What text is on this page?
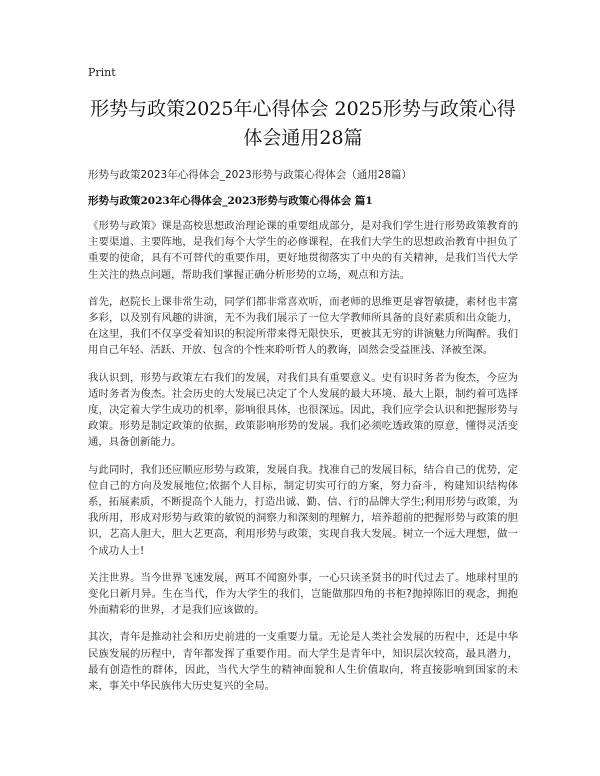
Print
形势与政策2025年心得体会 2025形势与政策心得体会通用28篇

形势与政策2023年心得体会_2023形势与政策心得体会（通用28篇）

形势与政策2023年心得体会_2023形势与政策心得体会 篇1

《形势与政策》课是高校思想政治理论课的重要组成部分，是对我们学生进行形势政策教育的主要渠道、主要阵地，是我们每个大学生的必修课程，在我们大学生的思想政治教育中担负了重要的使命，具有不可替代的重要作用，更好地贯彻落实了中央的有关精神，是我们当代大学生关注的热点问题，帮助我们掌握正确分析形势的立场，观点和方法。

首先，赵院长上课非常生动，同学们都非常喜欢听，而老师的思维更是睿智敏捷，素材也丰富多彩，以及别有风趣的讲演，无不为我们展示了一位大学教师所具备的良好素质和出众能力，在这里，我们不仅享受着知识的积淀所带来得无限快乐，更被其无穷的讲演魅力所陶醉。我们用自己年轻、活跃、开放、包含的个性来聆听哲人的教诲，固然会受益匪浅、泽被至深。

我认识到，形势与政策左右我们的发展，对我们具有重要意义。史有识时务者为俊杰，今应为适时务者为俊杰。社会历史的大发展已决定了个人发展的最大环境、最大上限，制约着可选择度，决定着大学生成功的机率，影响很具体，也很深远。因此，我们应学会认识和把握形势与政策。形势是制定政策的依据，政策影响形势的发展。我们必须吃透政策的原意，懂得灵活变通，具备创新能力。

与此同时，我们还应顺应形势与政策，发展自我。找准自己的发展目标，结合自己的优势，定位自己的方向及发展地位;依据个人目标，制定切实可行的方案，努力奋斗，构建知识结构体系，拓展素质，不断提高个人能力，打造出诚、勤、信、行的品牌大学生;利用形势与政策，为我所用，形成对形势与政策的敏锐的洞察力和深刻的理解力，培养超前的把握形势与政策的胆识，艺高人胆大，胆大艺更高，利用形势与政策，实现自我大发展。树立一个远大理想，做一个成功人士!

关注世界。当今世界飞速发展，两耳不闻窗外事，一心只读圣贤书的时代过去了。地球村里的变化日新月异。生在当代，作为大学生的我们，岂能做那四角的书柜?抛掉陈旧的观念，拥抱外面精彩的世界，才是我们应该做的。

其次，青年是推动社会和历史前进的一支重要力量。无论是人类社会发展的历程中，还是中华民族发展的历程中，青年都发挥了重要作用。而大学生是青年中，知识层次较高，最具潜力，最有创造性的群体，因此，当代大学生的精神面貌和人生价值取向，将直接影响到国家的未来，事关中华民族伟大历史复兴的全局。
